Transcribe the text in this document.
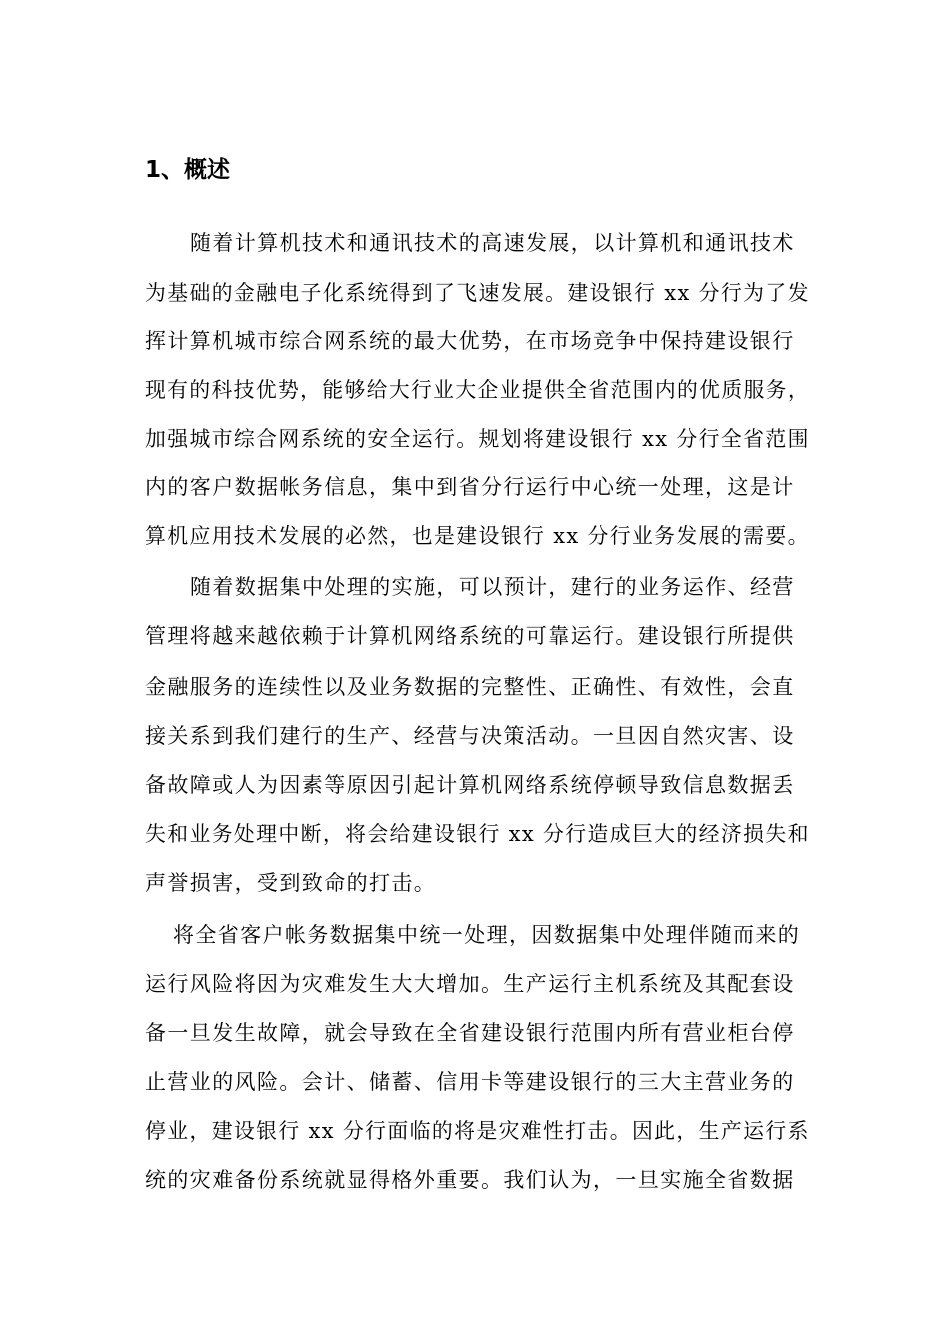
1、概述
随着计算机技术和通讯技术的高速发展，以计算机和通讯技术
为基础的金融电子化系统得到了飞速发展。建设银行 xx 分行为了发
挥计算机城市综合网系统的最大优势，在市场竞争中保持建设银行
现有的科技优势，能够给大行业大企业提供全省范围内的优质服务，
加强城市综合网系统的安全运行。规划将建设银行 xx 分行全省范围
内的客户数据帐务信息，集中到省分行运行中心统一处理，这是计
算机应用技术发展的必然，也是建设银行 xx 分行业务发展的需要。
随着数据集中处理的实施，可以预计，建行的业务运作、经营
管理将越来越依赖于计算机网络系统的可靠运行。建设银行所提供
金融服务的连续性以及业务数据的完整性、正确性、有效性，会直
接关系到我们建行的生产、经营与决策活动。一旦因自然灾害、设
备故障或人为因素等原因引起计算机网络系统停顿导致信息数据丢
失和业务处理中断，将会给建设银行 xx 分行造成巨大的经济损失和
声誉损害，受到致命的打击。
将全省客户帐务数据集中统一处理，因数据集中处理伴随而来的
运行风险将因为灾难发生大大增加。生产运行主机系统及其配套设
备一旦发生故障，就会导致在全省建设银行范围内所有营业柜台停
止营业的风险。会计、储蓄、信用卡等建设银行的三大主营业务的
停业，建设银行 xx 分行面临的将是灾难性打击。因此，生产运行系
统的灾难备份系统就显得格外重要。我们认为，一旦实施全省数据
